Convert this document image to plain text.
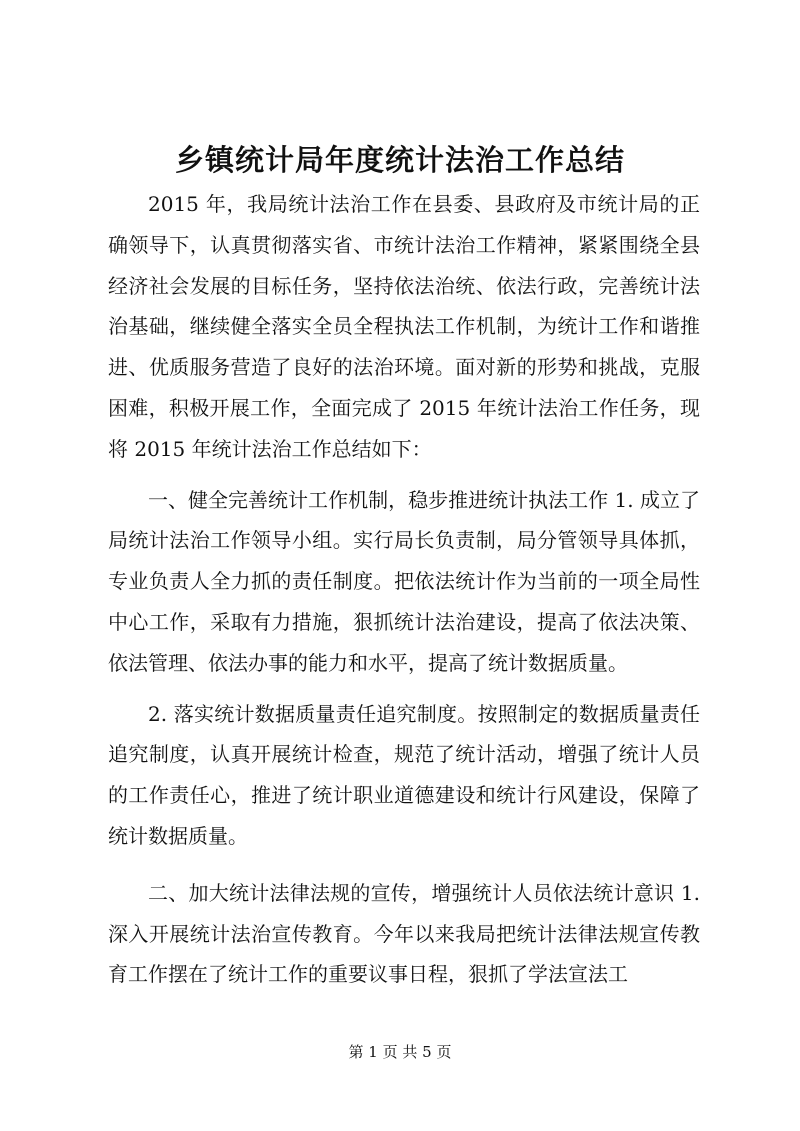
乡镇统计局年度统计法治工作总结

2015 年，我局统计法治工作在县委、县政府及市统计局的正确领导下，认真贯彻落实省、市统计法治工作精神，紧紧围绕全县经济社会发展的目标任务，坚持依法治统、依法行政，完善统计法治基础，继续健全落实全员全程执法工作机制，为统计工作和谐推进、优质服务营造了良好的法治环境。面对新的形势和挑战，克服困难，积极开展工作，全面完成了 2015 年统计法治工作任务，现将 2015 年统计法治工作总结如下：

一、健全完善统计工作机制，稳步推进统计执法工作 1. 成立了局统计法治工作领导小组。实行局长负责制，局分管领导具体抓，专业负责人全力抓的责任制度。把依法统计作为当前的一项全局性中心工作，采取有力措施，狠抓统计法治建设，提高了依法决策、依法管理、依法办事的能力和水平，提高了统计数据质量。

2. 落实统计数据质量责任追究制度。按照制定的数据质量责任追究制度，认真开展统计检查，规范了统计活动，增强了统计人员的工作责任心，推进了统计职业道德建设和统计行风建设，保障了统计数据质量。

二、加大统计法律法规的宣传，增强统计人员依法统计意识 1. 深入开展统计法治宣传教育。今年以来我局把统计法律法规宣传教育工作摆在了统计工作的重要议事日程，狠抓了学法宣法工

第 1 页 共 5 页
